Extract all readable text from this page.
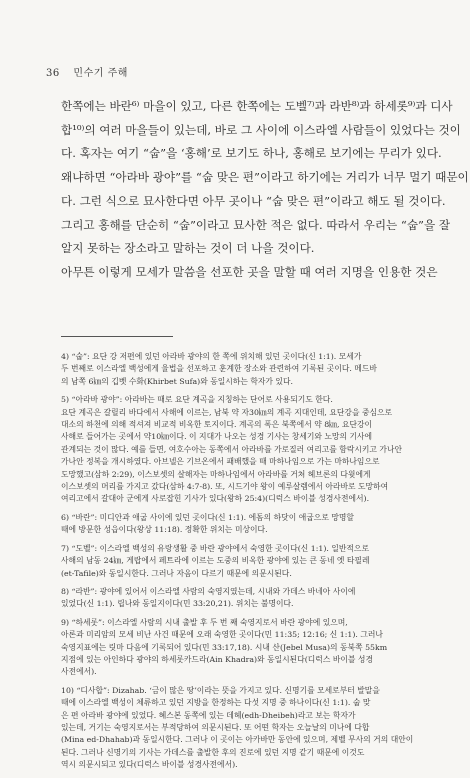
36 민수기 주해

한쪽에는 바란⁶⁾ 마을이 있고, 다른 한쪽에는 도벨⁷⁾과 라반⁸⁾과 하세롯⁹⁾과 디사

합¹⁰⁾의 여러 마을들이 있는데, 바로 그 사이에 이스라엘 사람들이 있었다는 것이

다. 혹자는 여기 “숩”을 ‘홍해’로 보기도 하나, 홍해로 보기에는 무리가 있다.

왜냐하면 “아라바 광야”를 “숩 맞은 편”이라고 하기에는 거리가 너무 멀기 때문이

다. 그런 식으로 묘사한다면 아무 곳이나 “숩 맞은 편”이라고 해도 될 것이다.

그리고 홍해를 단순히 “숩”이라고 묘사한 적은 없다. 따라서 우리는 “숩”을 잘

알지 못하는 장소라고 말하는 것이 더 나을 것이다.

아무튼 이렇게 모세가 말씀을 선포한 곳을 말할 때 여러 지명을 인용한 것은

4) “숩”: 요단 강 저편에 있던 아라바 광야의 한 쪽에 위치해 있던 곳이다(신 1:1). 모세가
두 번째로 이스라엘 백성에게 율법을 선포하고 훈계한 장소와 관련하여 기록된 곳이다. 메드바
의 남쪽 6㎞의 깁벳 수화(Khirbet Sufa)와 동일시하는 학자가 있다.
5) “아라바 광야”: 아라바는 때로 요단 계곡을 지칭하는 단어로 사용되기도 한다.
요단 계곡은 갈릴리 바다에서 사해에 이르는, 남북 약 자30㎞의 계곡 지대인데, 요단강을 중심으로
대소의 하천에 의해 적셔져 비교적 비옥한 토지이다. 계곡의 폭은 북쪽에서 약 8㎞, 요단강이
사해로 들어가는 곳에서 약10㎞이다. 이 지대가 나오는 성경 기사는 창세기와 노망의 기사에
관계되는 것이 많다. 예를 들면, 여호수아는 동쪽에서 아라바를 가로질러 여리고를 함락시키고 가나안
가나안 정복을 개시하였다. 아브넬은 기브온에서 패배했을 때 마하나임으로 가는 마하나임으로
도망했고(삼하 2:29), 이스보셋의 살해자는 마하나임에서 아라바를 거쳐 헤브론의 다윗에게
이스보셋의 머리를 가지고 갔다(삼하 4:7-8). 또, 시드기야 왕이 예루살렘에서 아라바로 도망하여
여리고에서 갈대아 군에게 사로잡힌 기사가 있다(왕하 25:4)(디럭스 바이블 성경사전에서).
6) “바란”: 미디안과 애굽 사이에 있던 곳이다(신 1:1). 에돔의 하닷이 애굽으로 망명할
때에 방문한 성읍이다(왕상 11:18). 정확한 위치는 미상이다.
7) “도벨”: 이스라엘 백성의 유랑생활 중 바란 광야에서 숙영한 곳이다(신 1:1). 일반적으로
사해의 남동 24㎞, 게랍에서 페트라에 이르는 도중의 비옥한 광야에 있는 큰 동네 엣 타필레
(et-Tafile)와 동일시한다. 그러나 자음이 다르기 때문에 의문시된다.
8) “라반”: 광야에 있어서 이스라엘 사람의 숙영지였는데, 시내와 가데스 바네아 사이에
있었다(신 1:1). 립나와 동일지이다(민 33:20,21). 위치는 불명이다.
9) “하세롯”: 이스라엘 사람의 시내 출발 후 두 번 째 숙영지로서 바란 광야에 있으며,
아론과 미리암의 모세 비난 사건 때문에 오래 숙영한 곳이다(민 11:35; 12:16; 신 1:1). 그러나
숙영지표에는 릿마 다음에 기록되어 있다(민 33:17,18). 시내 산(Jebel Musa)의 동북쪽 55km
지점에 있는 아인하다 광야의 하세롯카드라(Ain Khadra)와 동일시된다(디럭스 바이블 성경
사전에서).
10) “디사합”: Dizahab. ‘금이 많은 땅’이라는 뜻을 가지고 있다. 신명기를 모세로부터 발말을
때에 이스라엘 백성이 체류하고 있던 지방을 한정하는 다섯 지명 중 하나이다(신 1:1). 숩 맞
은 편 아라바 광야에 있었다. 혜스본 동쪽에 있는 데헤(edh-Dheibeh)라고 보는 학자가
있는데, 거기는 숙영지로서는 부적당하여 의문시된다. 또 어떤 학자는 오늘날의 미나에 다합
(Mina ed-Dhahab)과 동일시한다. 그러나 이 곳이는 아카바만 동안에 있으며, 제벨 무사의 거의 대안이
된다. 그러나 신명기의 기사는 가데스를 출발한 후의 진로에 있던 지명 같기 때문에 이것도
역시 의문시되고 있다(디럭스 바이블 성경사전에서).
